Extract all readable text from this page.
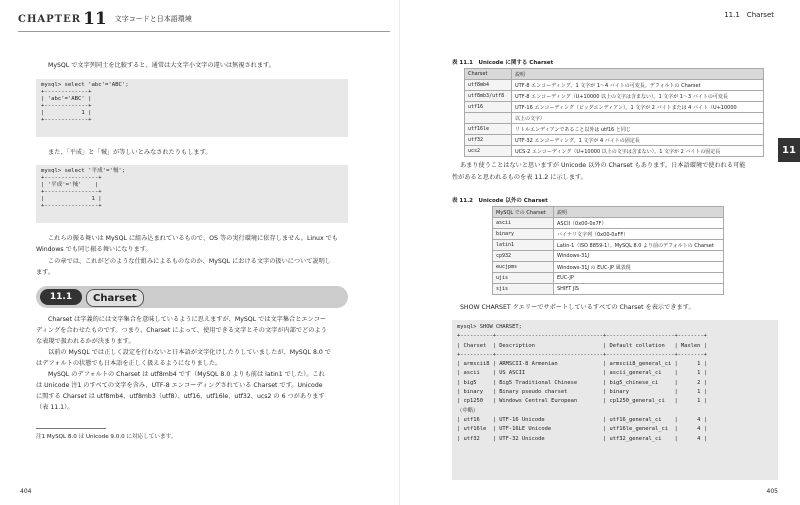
CHAPTER 11 文字コードと日本語環境
MySQL で文字列同士を比較すると、通常は大文字小文字の違いは無視されます。
mysql> select 'abc'='ABC';
+-------------+
| 'abc'='ABC' |
+-------------+
|           1 |
+-------------+
また、「平成」と「㍻」が等しいとみなされたりもします。
mysql> select '平成'='㍻';
+----------------+
| '平成'='㍻'    |
+----------------+
|              1 |
+----------------+
これらの振る舞いは MySQL に組み込まれているもので、OS 等の実行環境に依存しません。Linux でも
Windows でも同じ振る舞いになります。
この章では、これがどのような仕組みによるものなのか、MySQL における文字の扱いについて説明し
ます。
11.1	Charset
Charset は字義的には文字集合を意味しているように思えますが、MySQL では文字集合とエンコー
ディングを合わせたものです。つまり、Charset によって、使用できる文字とその文字が内部でどのよう
な表現で扱われるかが決まります。
以前の MySQL では正しく設定を行わないと日本語が文字化けしたりしていましたが、MySQL 8.0 で
はデフォルトの状態でも日本語を正しく扱えるようになりました。
MySQL のデフォルトの Charset は utf8mb4 です（MySQL 8.0 よりも前は latin1 でした）。これ
は Unicode 注1 のすべての文字を含み、UTF-8 エンコーディングされている Charset です。Unicode
に関する Charset は utf8mb4、utf8mb3（utf8）、utf16、utf16le、utf32、ucs2 の 6 つがあります
（表 11.1）。
注1 MySQL 8.0 は Unicode 9.0.0 に対応しています。
404
11.1　Charset
11
表 11.1　Unicode に関する Charset
Charset	説明
utf8mb4	UTF-8 エンコーディング。1 文字が 1〜4 バイトの可変長。デフォルトの Charset
utf8mb3/utf8	UTF-8 エンコーディング（U+10000 以上の文字は含まない）。1 文字が 1〜3 バイトの可変長
utf16	UTF-16 エンコーディング（ビッグエンディアン）。1 文字が 2 バイトまたは 4 バイト（U+10000
	以上の文字）
utf16le	リトルエンディアンであること以外は utf16 と同じ
utf32	UTF-32 エンコーディング。1 文字が 4 バイトの固定長
ucs2	UCS-2 エンコーディング（U+10000 以上の文字は含まない）。1 文字が 2 バイトの固定長
あまり使うことはないと思いますが Unicode 以外の Charset もあります。日本語環境で使われる可能
性があると思われるものを表 11.2 に示します。
表 11.2　Unicode 以外の Charset
MySQL での Charset	説明
ascii	ASCII（0x00-0x7F）
binary	バイナリ文字列（0x00-0xFF）
latin1	Latin-1（ISO 8859-1）。MySQL 8.0 より前のデフォルトの Charset
cp932	Windows-31J
eucjpms	Windows-31J の EUC-JP 風表現
ujis	EUC-JP
sjis	SHIFT JIS
SHOW CHARSET クエリーでサポートしているすべての Charset を表示できます。
mysql> SHOW CHARSET;
+----------+---------------------------------+---------------------+--------+
| Charset  | Description                     | Default collation   | Maxlen |
+----------+---------------------------------+---------------------+--------+
| armscii8 | ARMSCII-8 Armenian              | armscii8_general_ci |      1 |
| ascii    | US ASCII                        | ascii_general_ci    |      1 |
| big5     | Big5 Traditional Chinese        | big5_chinese_ci     |      2 |
| binary   | Binary pseudo charset           | binary              |      1 |
| cp1250   | Windows Central European        | cp1250_general_ci   |      1 |
（中略）
| utf16    | UTF-16 Unicode                  | utf16_general_ci    |      4 |
| utf16le  | UTF-16LE Unicode                | utf16le_general_ci  |      4 |
| utf32    | UTF-32 Unicode                  | utf32_general_ci    |      4 |
405
